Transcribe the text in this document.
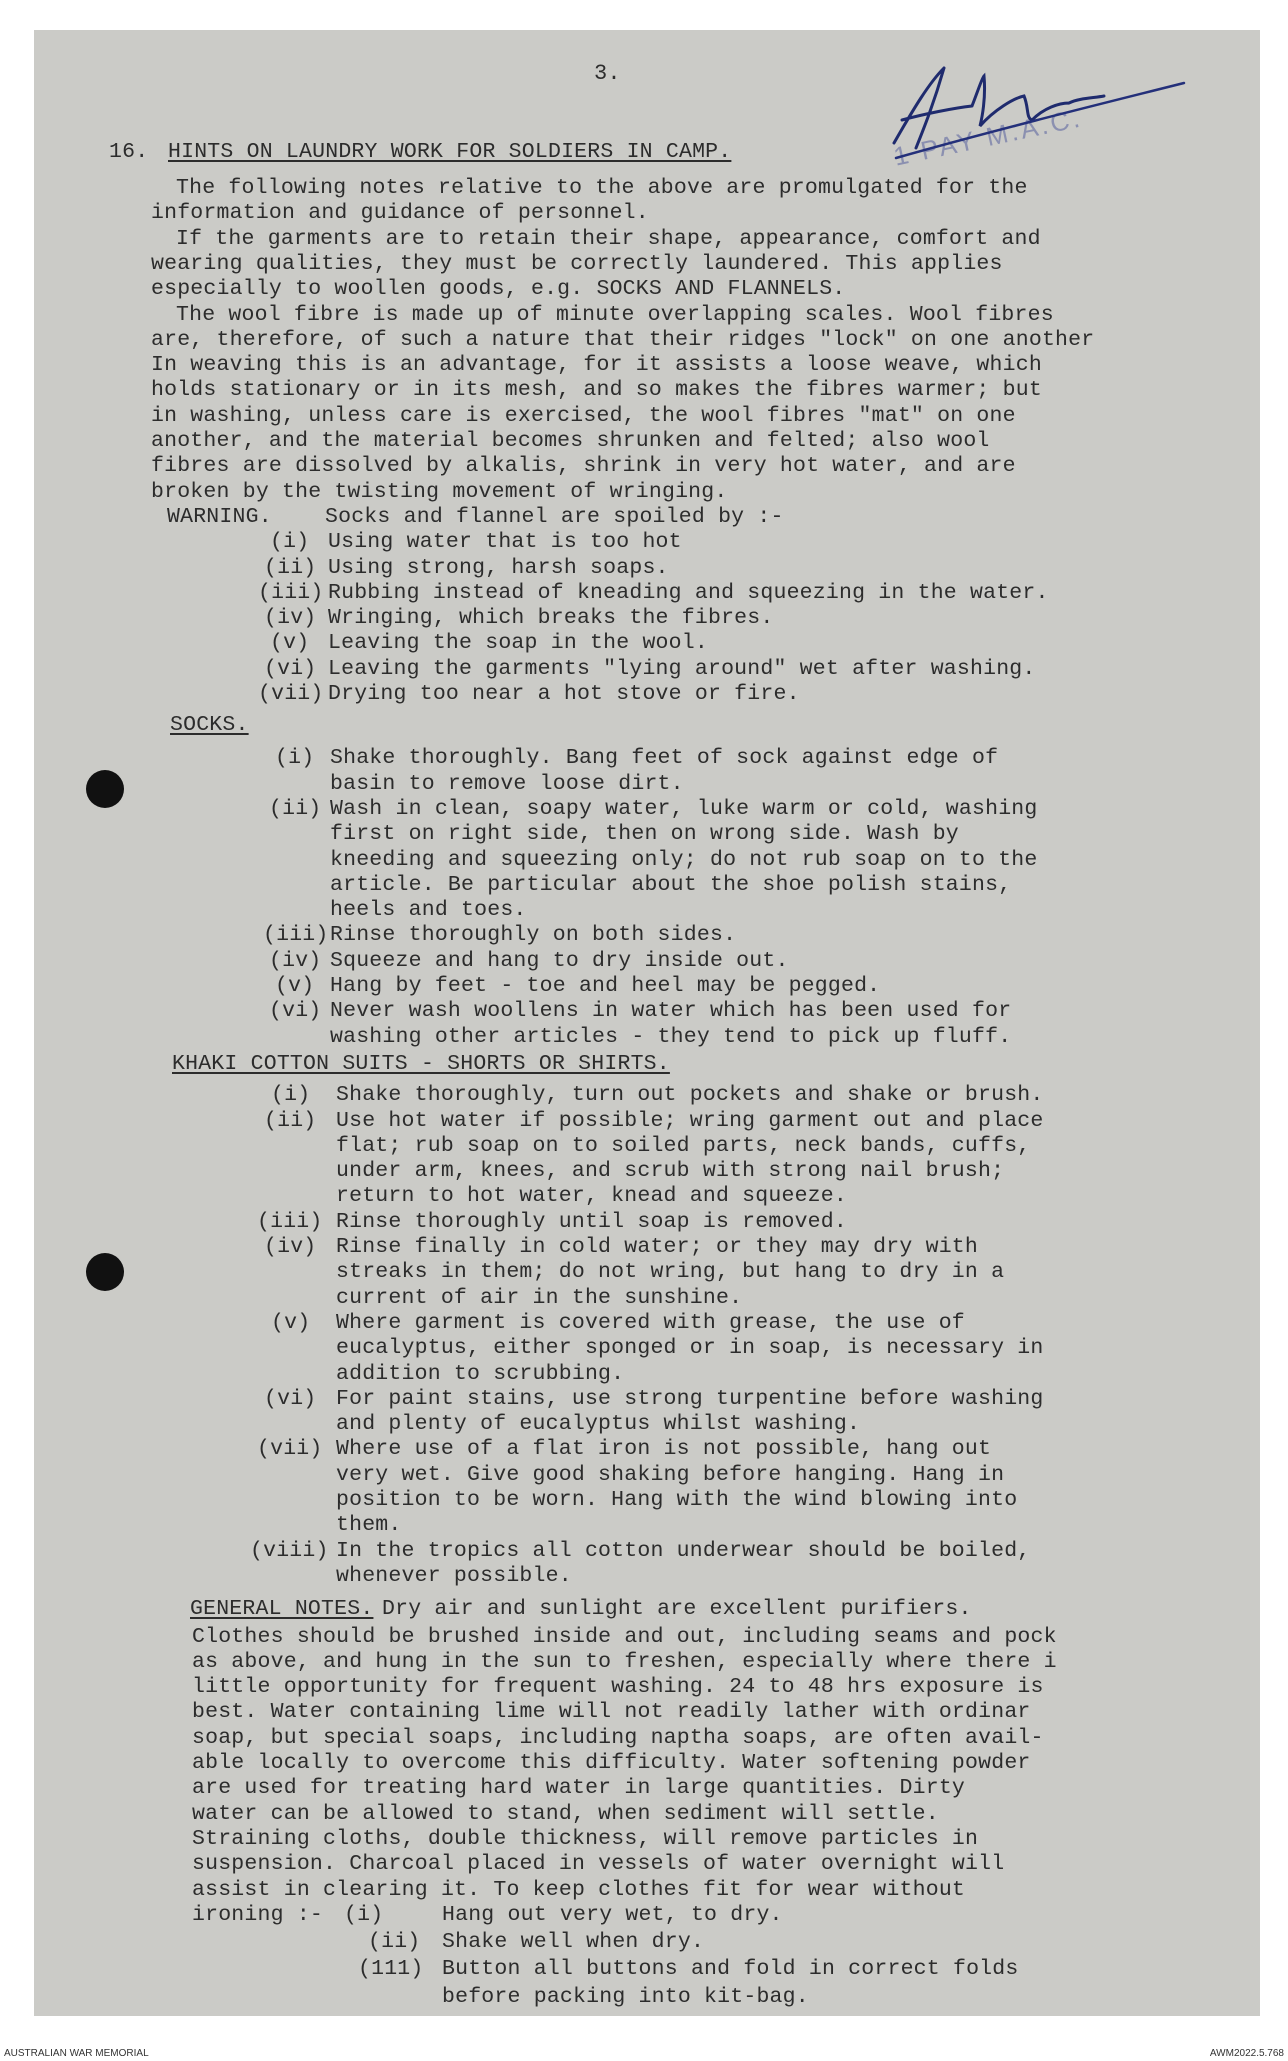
1 PAY M.A.C.
3.
16. HINTS ON LAUNDRY WORK FOR SOLDIERS IN CAMP.
The following notes relative to the above are promulgated for the
information and guidance of personnel.
If the garments are to retain their shape, appearance, comfort and
wearing qualities, they must be correctly laundered. This applies
especially to woollen goods, e.g. SOCKS AND FLANNELS.
The wool fibre is made up of minute overlapping scales. Wool fibres
are, therefore, of such a nature that their ridges "lock" on one another
In weaving this is an advantage, for it assists a loose weave, which
holds stationary or in its mesh, and so makes the fibres warmer; but
in washing, unless care is exercised, the wool fibres "mat" on one
another, and the material becomes shrunken and felted; also wool
fibres are dissolved by alkalis, shrink in very hot water, and are
broken by the twisting movement of wringing.
WARNING. Socks and flannel are spoiled by :-
(i) Using water that is too hot
(ii) Using strong, harsh soaps.
(iii) Rubbing instead of kneading and squeezing in the water.
(iv) Wringing, which breaks the fibres.
(v) Leaving the soap in the wool.
(vi) Leaving the garments "lying around" wet after washing.
(vii) Drying too near a hot stove or fire.
SOCKS.
(i) Shake thoroughly. Bang feet of sock against edge of
basin to remove loose dirt.
(ii) Wash in clean, soapy water, luke warm or cold, washing
first on right side, then on wrong side. Wash by
kneeding and squeezing only; do not rub soap on to the
article. Be particular about the shoe polish stains,
heels and toes.
(iii) Rinse thoroughly on both sides.
(iv) Squeeze and hang to dry inside out.
(v) Hang by feet - toe and heel may be pegged.
(vi) Never wash woollens in water which has been used for
washing other articles - they tend to pick up fluff.
KHAKI COTTON SUITS - SHORTS OR SHIRTS.
(i) Shake thoroughly, turn out pockets and shake or brush.
(ii) Use hot water if possible; wring garment out and place
flat; rub soap on to soiled parts, neck bands, cuffs,
under arm, knees, and scrub with strong nail brush;
return to hot water, knead and squeeze.
(iii) Rinse thoroughly until soap is removed.
(iv) Rinse finally in cold water; or they may dry with
streaks in them; do not wring, but hang to dry in a
current of air in the sunshine.
(v) Where garment is covered with grease, the use of
eucalyptus, either sponged or in soap, is necessary in
addition to scrubbing.
(vi) For paint stains, use strong turpentine before washing
and plenty of eucalyptus whilst washing.
(vii) Where use of a flat iron is not possible, hang out
very wet. Give good shaking before hanging. Hang in
position to be worn. Hang with the wind blowing into
them.
(viii) In the tropics all cotton underwear should be boiled,
whenever possible.
GENERAL NOTES. Dry air and sunlight are excellent purifiers.
Clothes should be brushed inside and out, including seams and pock
as above, and hung in the sun to freshen, especially where there i
little opportunity for frequent washing. 24 to 48 hrs exposure is
best. Water containing lime will not readily lather with ordinar
soap, but special soaps, including naptha soaps, are often avail-
able locally to overcome this difficulty. Water softening powder
are used for treating hard water in large quantities. Dirty
water can be allowed to stand, when sediment will settle.
Straining cloths, double thickness, will remove particles in
suspension. Charcoal placed in vessels of water overnight will
assist in clearing it. To keep clothes fit for wear without
ironing :- (i)	Hang out very wet, to dry.
(ii) Shake well when dry.
(111) Button all buttons and fold in correct folds
before packing into kit-bag.
AUSTRALIAN WAR MEMORIAL	AWM2022.5.768
